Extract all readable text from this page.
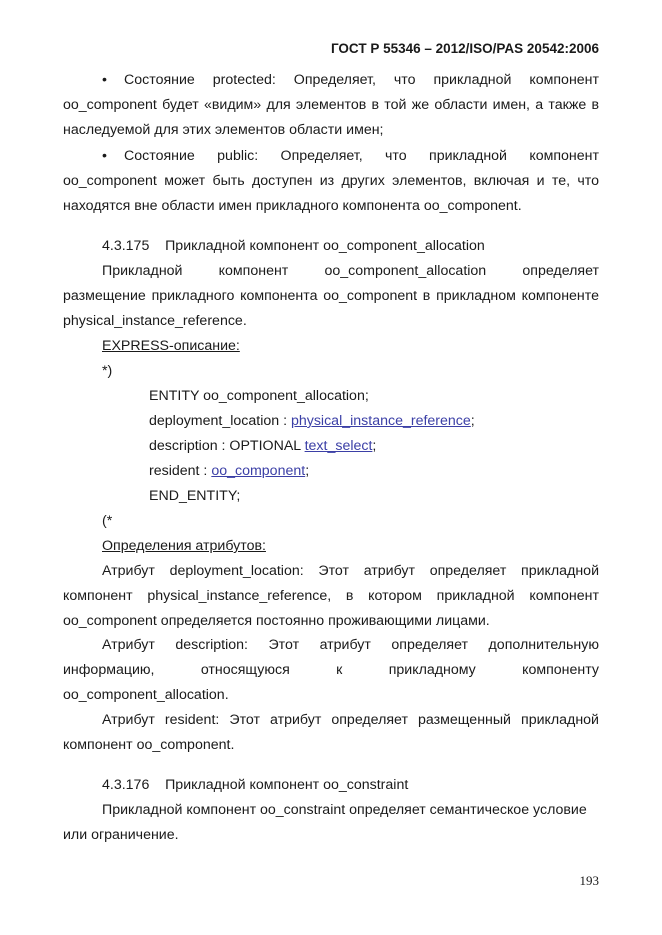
ГОСТ Р 55346 – 2012/ISO/PAS 20542:2006
• Состояние protected: Определяет, что прикладной компонент
oo_component будет «видим» для элементов в той же области имен, а также в
наследуемой для этих элементов области имен;
• Состояние public: Определяет, что прикладной компонент
oo_component может быть доступен из других элементов, включая и те, что
находятся вне области имен прикладного компонента oo_component.
4.3.175    Прикладной компонент oo_component_allocation
Прикладной компонент oo_component_allocation определяет
размещение прикладного компонента oo_component в прикладном компоненте
physical_instance_reference.
EXPRESS-описание:
*)
ENTITY oo_component_allocation;
deployment_location : physical_instance_reference;
description : OPTIONAL text_select;
resident : oo_component;
END_ENTITY;
(*
Определения атрибутов:
Атрибут deployment_location: Этот атрибут определяет прикладной
компонент physical_instance_reference, в котором прикладной компонент
oo_component определяется постоянно проживающими лицами.
Атрибут description: Этот атрибут определяет дополнительную
информацию, относящуюся к прикладному компоненту
oo_component_allocation.
Атрибут resident: Этот атрибут определяет размещенный прикладной
компонент oo_component.
4.3.176    Прикладной компонент oo_constraint
Прикладной компонент oo_constraint определяет семантическое условие
или ограничение.
193
